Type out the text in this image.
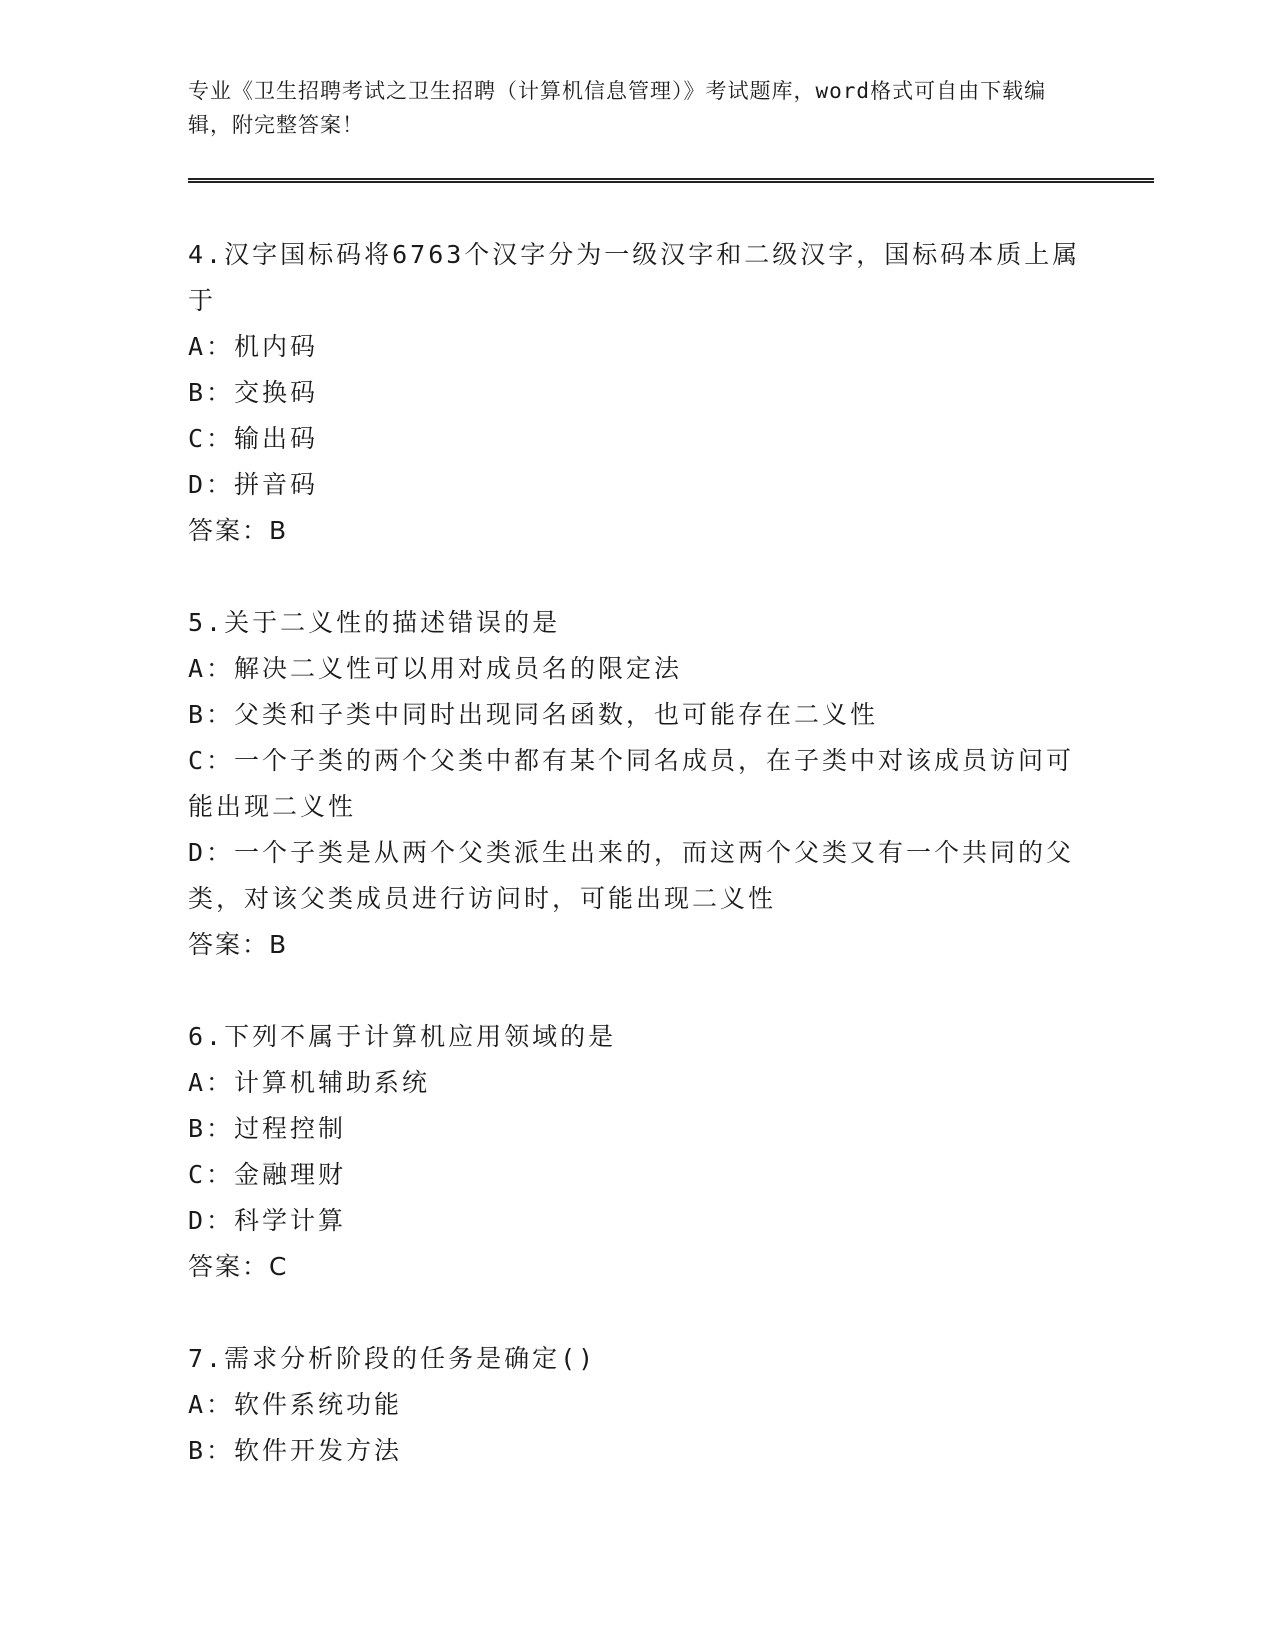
专业《卫生招聘考试之卫生招聘（计算机信息管理）》考试题库，word格式可自由下载编辑，附完整答案！

4.汉字国标码将6763个汉字分为一级汉字和二级汉字，国标码本质上属于

A：机内码

B：交换码

C：输出码

D：拼音码

答案：B

5.关于二义性的描述错误的是

A：解决二义性可以用对成员名的限定法

B：父类和子类中同时出现同名函数，也可能存在二义性

C：一个子类的两个父类中都有某个同名成员，在子类中对该成员访问可能出现二义性

D：一个子类是从两个父类派生出来的，而这两个父类又有一个共同的父类，对该父类成员进行访问时，可能出现二义性

答案：B

6.下列不属于计算机应用领域的是

A：计算机辅助系统

B：过程控制

C：金融理财

D：科学计算

答案：C

7.需求分析阶段的任务是确定()

A：软件系统功能

B：软件开发方法
